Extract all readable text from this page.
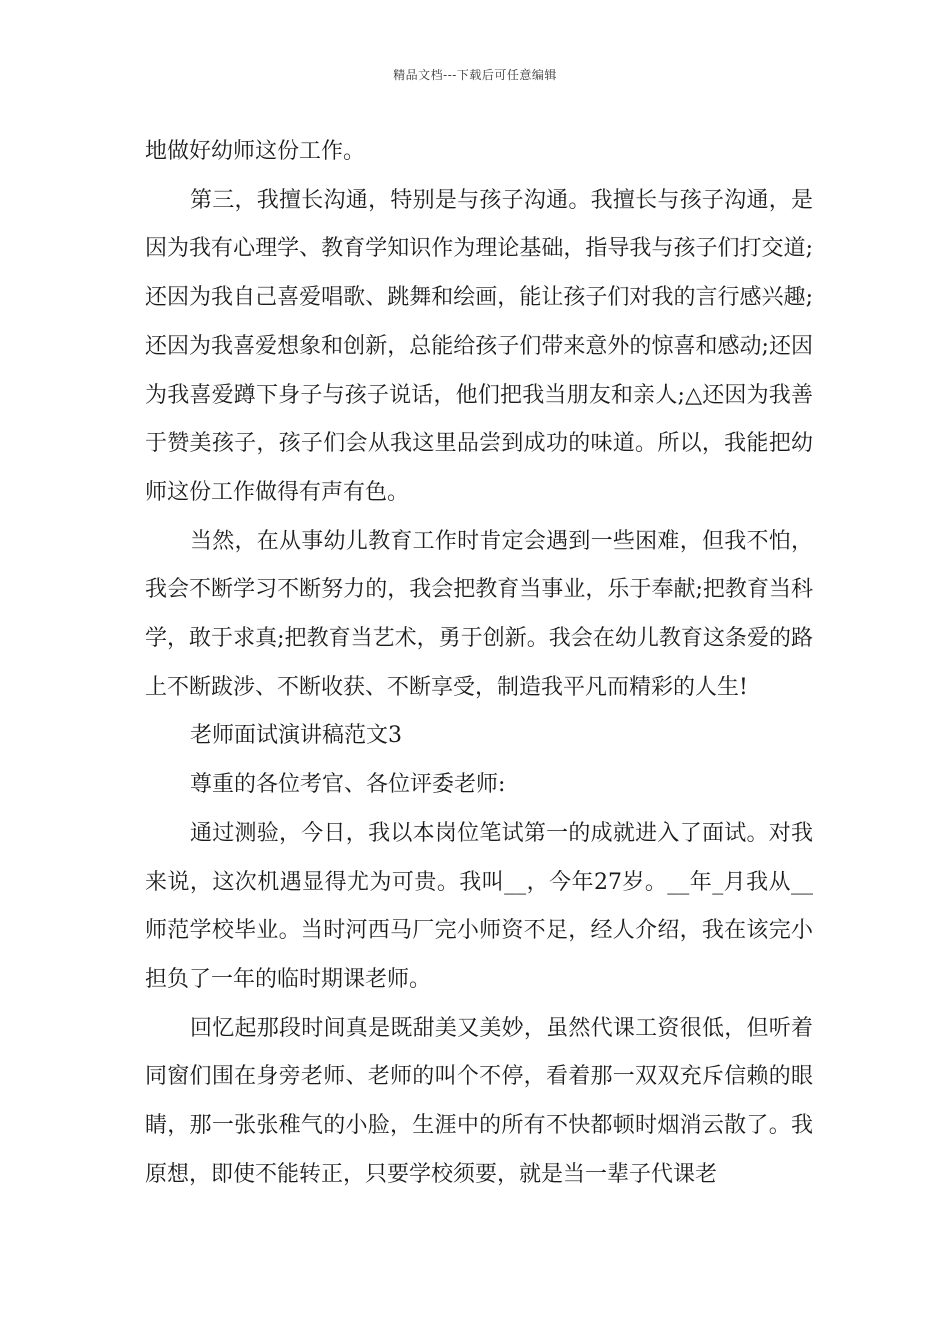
精品文档---下载后可任意编辑

地做好幼师这份工作。

第三，我擅长沟通，特别是与孩子沟通。我擅长与孩子沟通，是因为我有心理学、教育学知识作为理论基础，指导我与孩子们打交道;还因为我自己喜爱唱歌、跳舞和绘画，能让孩子们对我的言行感兴趣;还因为我喜爱想象和创新，总能给孩子们带来意外的惊喜和感动;还因为我喜爱蹲下身子与孩子说话，他们把我当朋友和亲人;△还因为我善于赞美孩子，孩子们会从我这里品尝到成功的味道。所以，我能把幼师这份工作做得有声有色。

当然，在从事幼儿教育工作时肯定会遇到一些困难，但我不怕，我会不断学习不断努力的，我会把教育当事业，乐于奉献;把教育当科学，敢于求真;把教育当艺术，勇于创新。我会在幼儿教育这条爱的路上不断跋涉、不断收获、不断享受，制造我平凡而精彩的人生!

老师面试演讲稿范文3

尊重的各位考官、各位评委老师:

通过测验，今日，我以本岗位笔试第一的成就进入了面试。对我来说，这次机遇显得尤为可贵。我叫__，今年27岁。__年_月我从__师范学校毕业。当时河西马厂完小师资不足，经人介绍，我在该完小担负了一年的临时期课老师。

回忆起那段时间真是既甜美又美妙，虽然代课工资很低，但听着同窗们围在身旁老师、老师的叫个不停，看着那一双双充斥信赖的眼睛，那一张张稚气的小脸，生涯中的所有不快都顿时烟消云散了。我原想，即使不能转正，只要学校须要，就是当一辈子代课老
